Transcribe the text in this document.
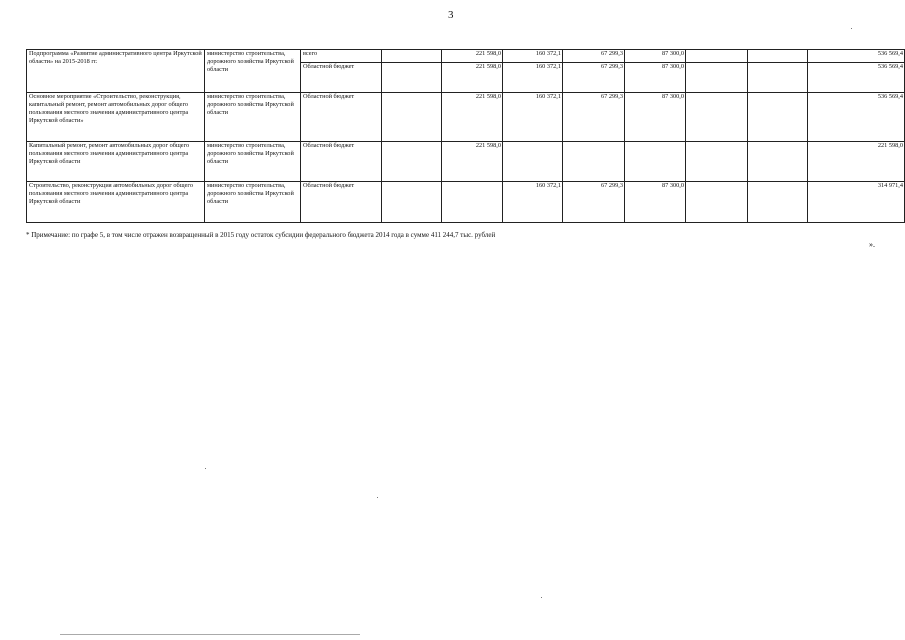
3
Подпрограмма «Развитие административного центра Иркутской области» на 2015-2018 гг.	министерство строительства, дорожного хозяйства Иркутской области	всего		221 598,0	160 372,1	67 299,3	87 300,0			536 569,4
		Областной бюджет		221 598,0	160 372,1	67 299,3	87 300,0			536 569,4
Основное мероприятие «Строительство, реконструкция, капитальный ремонт, ремонт автомобильных дорог общего пользования местного значения административного центра Иркутской области»	министерство строительства, дорожного хозяйства Иркутской области	Областной бюджет		221 598,0	160 372,1	67 299,3	87 300,0			536 569,4
Капитальный ремонт, ремонт автомобильных дорог общего пользования местного значения административного центра Иркутской области	министерство строительства, дорожного хозяйства Иркутской области	Областной бюджет		221 598,0						221 598,0
Строительство, реконструкция автомобильных дорог общего пользования местного значения административного центра Иркутской области	министерство строительства, дорожного хозяйства Иркутской области	Областной бюджет			160 372,1	67 299,3	87 300,0			314 971,4
* Примечание: по графе 5, в том числе отражен возвращенный в 2015 году остаток субсидии федерального бюджета 2014 года в сумме 411 244,7 тыс. рублей
».
